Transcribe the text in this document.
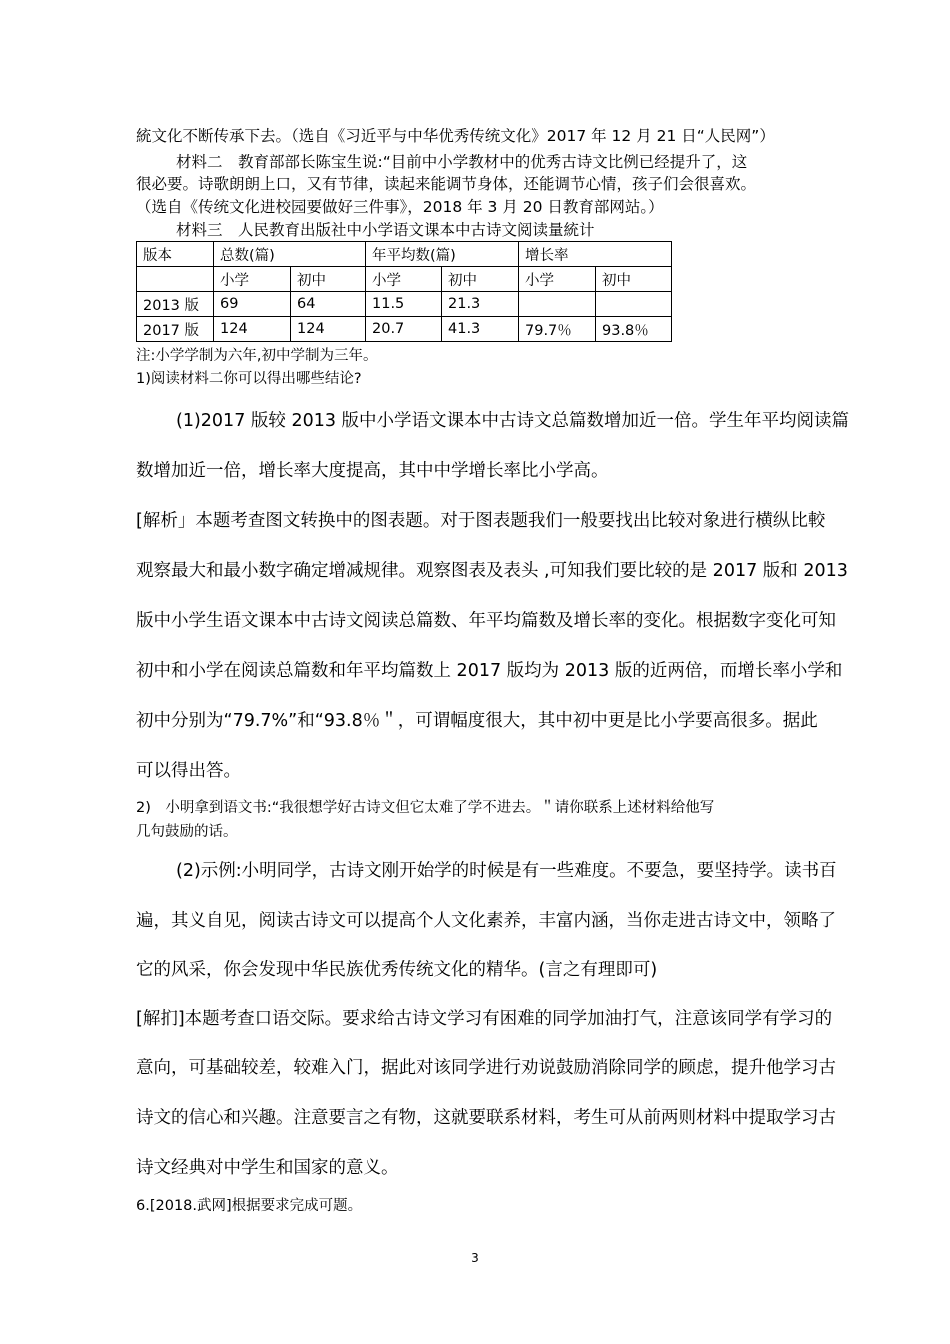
統文化不断传承下去。（选自《习近平与中华优秀传统文化》2017 年 12 月 21 日“人民网”）
材料二　教育部部长陈宝生说:“目前中小学教材中的优秀古诗文比例已经提升了，这
很必要。诗歌朗朗上口，又有节律，读起来能调节身体，还能调节心情，孩子们会很喜欢。
（选自《传统文化进校园要做好三件事》，2018 年 3 月 20 日教育部网站。）
材料三　人民教育出版社中小学语文课本中古诗文阅读量統计
版本	总数(篇)		年平均数(篇)		增长率	
	小学	初中	小学	初中	小学	初中
2013 版	69	64	11.5	21.3		
2017 版	124	124	20.7	41.3	79.7％	93.8％
注:小学学制为六年,初中学制为三年。
1)阅读材料二你可以得出哪些结论?
(1)2017 版较 2013 版中小学语文课本中古诗文总篇数增加近一倍。学生年平均阅读篇
数增加近一倍，增长率大度提高，其中中学增长率比小学高。
[解析」本题考查图文转换中的图表题。对于图表题我们一般要找出比较对象进行横纵比較
观察最大和最小数字确定增减规律。观察图表及表头 ,可知我们要比较的是 2017 版和 2013
版中小学生语文课本中古诗文阅读总篇数、年平均篇数及增长率的变化。根据数字变化可知
初中和小学在阅读总篇数和年平均篇数上 2017 版均为 2013 版的近两倍，而增长率小学和
初中分别为“79.7%”和“93.8％＂，可谓幅度很大，其中初中更是比小学要高很多。据此
可以得出答。
2)　小明拿到语文书:“我很想学好古诗文但它太难了学不进去。＂请你联系上述材料给他写
几句鼓励的话。
(2)示例:小明同学，古诗文刚开始学的时候是有一些难度。不要急，要坚持学。读书百
遍，其义自见，阅读古诗文可以提高个人文化素养，丰富内涵，当你走进古诗文中，领略了
它的风采，你会发现中华民族优秀传统文化的精华。(言之有理即可)
[解扪]本题考查口语交际。要求给古诗文学习有困难的同学加油打气，注意该同学有学习的
意向，可基础较差，较难入门，据此对该同学进行劝说鼓励消除同学的顾虑，提升他学习古
诗文的信心和兴趣。注意要言之有物，这就要联系材料，考生可从前两则材料中提取学习古
诗文经典对中学生和国家的意义。
6.[2018.武网]根据要求完成可题。
3
